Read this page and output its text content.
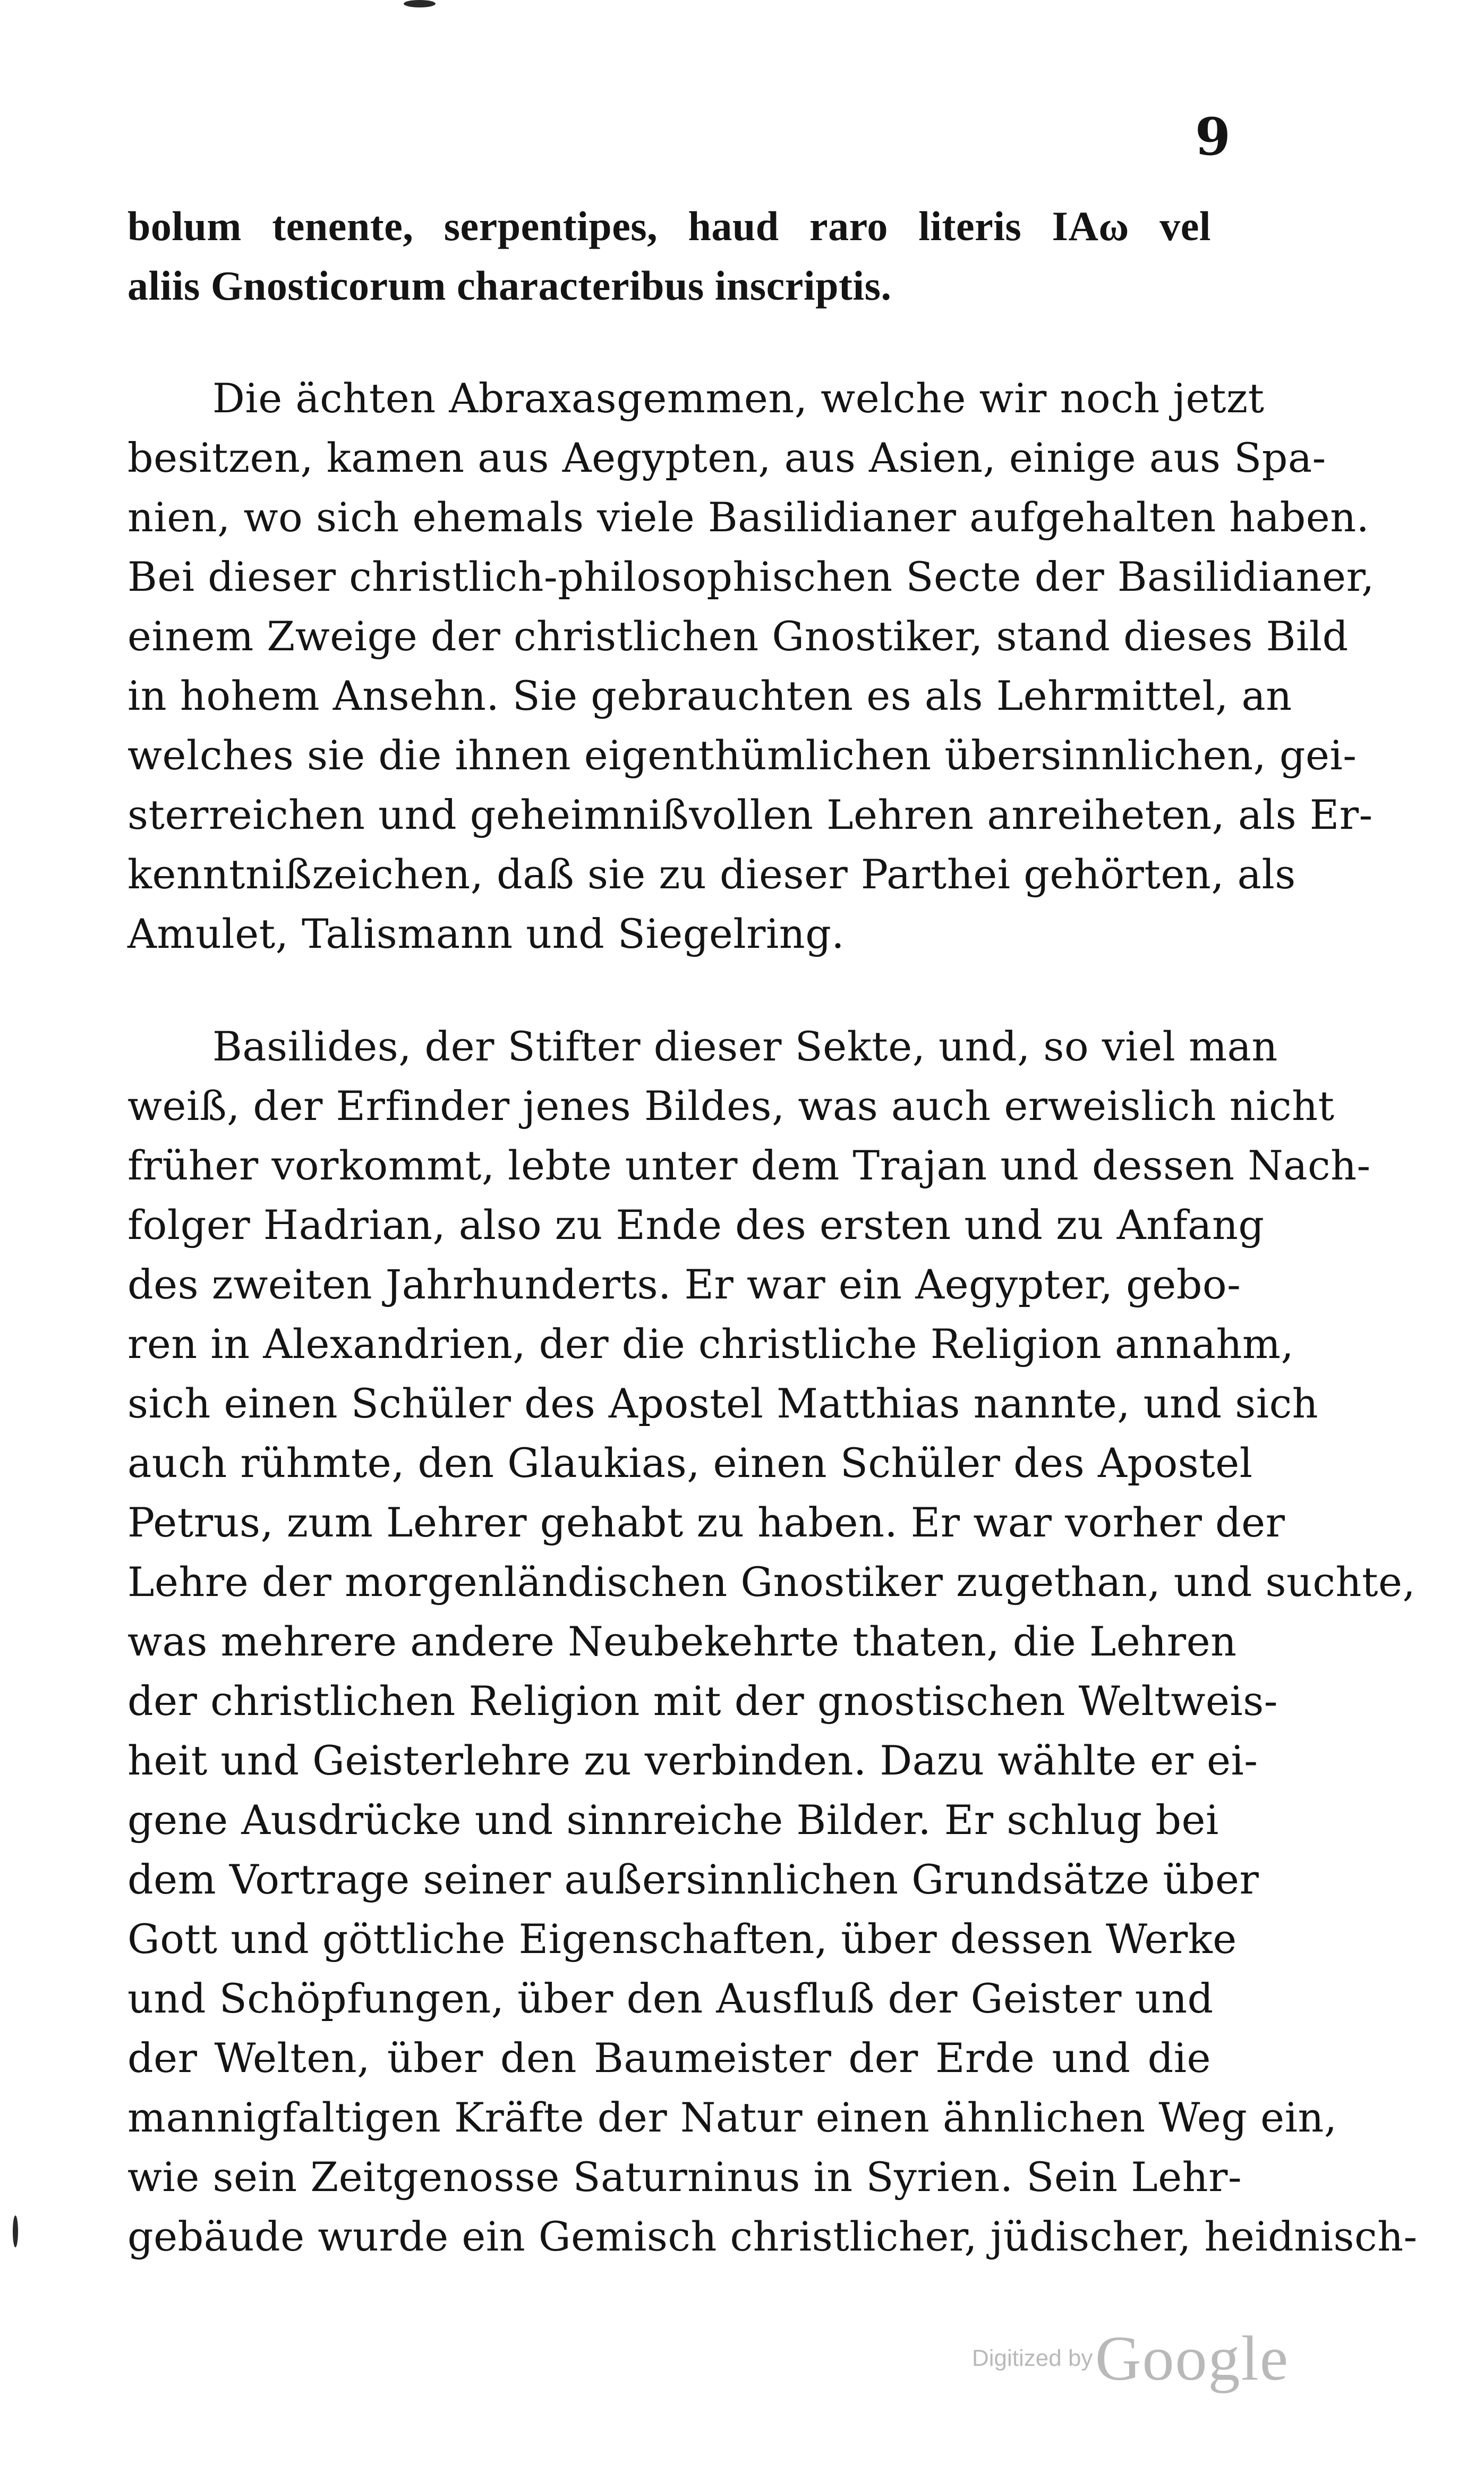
9
bolum tenente, serpentipes, haud raro literis IAω vel
aliis Gnosticorum characteribus inscriptis.
Die ächten Abraxasgemmen, welche wir noch jetzt
besitzen, kamen aus Aegypten, aus Asien, einige aus Spa-
nien, wo sich ehemals viele Basilidianer aufgehalten haben.
Bei dieser christlich-philosophischen Secte der Basilidianer,
einem Zweige der christlichen Gnostiker, stand dieses Bild
in hohem Ansehn. Sie gebrauchten es als Lehrmittel, an
welches sie die ihnen eigenthümlichen übersinnlichen, gei-
sterreichen und geheimnißvollen Lehren anreiheten, als Er-
kenntnißzeichen, daß sie zu dieser Parthei gehörten, als
Amulet, Talismann und Siegelring.
Basilides, der Stifter dieser Sekte, und, so viel man
weiß, der Erfinder jenes Bildes, was auch erweislich nicht
früher vorkommt, lebte unter dem Trajan und dessen Nach-
folger Hadrian, also zu Ende des ersten und zu Anfang
des zweiten Jahrhunderts. Er war ein Aegypter, gebo-
ren in Alexandrien, der die christliche Religion annahm,
sich einen Schüler des Apostel Matthias nannte, und sich
auch rühmte, den Glaukias, einen Schüler des Apostel
Petrus, zum Lehrer gehabt zu haben. Er war vorher der
Lehre der morgenländischen Gnostiker zugethan, und suchte,
was mehrere andere Neubekehrte thaten, die Lehren
der christlichen Religion mit der gnostischen Weltweis-
heit und Geisterlehre zu verbinden. Dazu wählte er ei-
gene Ausdrücke und sinnreiche Bilder. Er schlug bei
dem Vortrage seiner außersinnlichen Grundsätze über
Gott und göttliche Eigenschaften, über dessen Werke
und Schöpfungen, über den Ausfluß der Geister und
der Welten, über den Baumeister der Erde und die
mannigfaltigen Kräfte der Natur einen ähnlichen Weg ein,
wie sein Zeitgenosse Saturninus in Syrien. Sein Lehr-
gebäude wurde ein Gemisch christlicher, jüdischer, heidnisch-
Digitized by Google
